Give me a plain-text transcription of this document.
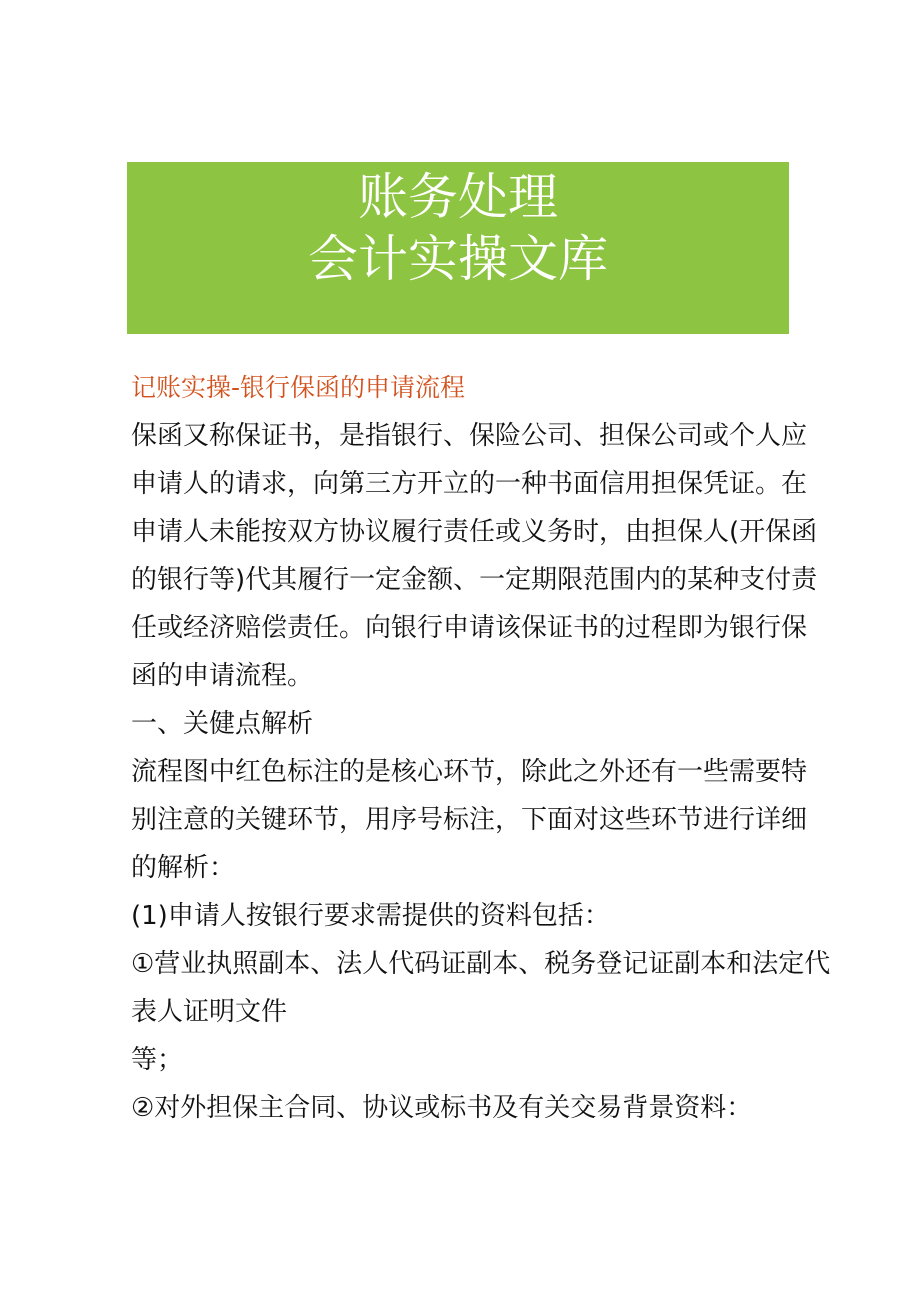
账务处理
会计实操文库

记账实操-银行保函的申请流程

保函又称保证书，是指银行、保险公司、担保公司或个人应
申请人的请求，向第三方开立的一种书面信用担保凭证。在
申请人未能按双方协议履行责任或义务时，由担保人(开保函
的银行等)代其履行一定金额、一定期限范围内的某种支付责
任或经济赔偿责任。向银行申请该保证书的过程即为银行保
函的申请流程。

一、关健点解析

流程图中红色标注的是核心环节，除此之外还有一些需要特
别注意的关键环节，用序号标注，下面对这些环节进行详细
的解析：

(1)申请人按银行要求需提供的资料包括：

①营业执照副本、法人代码证副本、税务登记证副本和法定代
表人证明文件
等；

②对外担保主合同、协议或标书及有关交易背景资料：
